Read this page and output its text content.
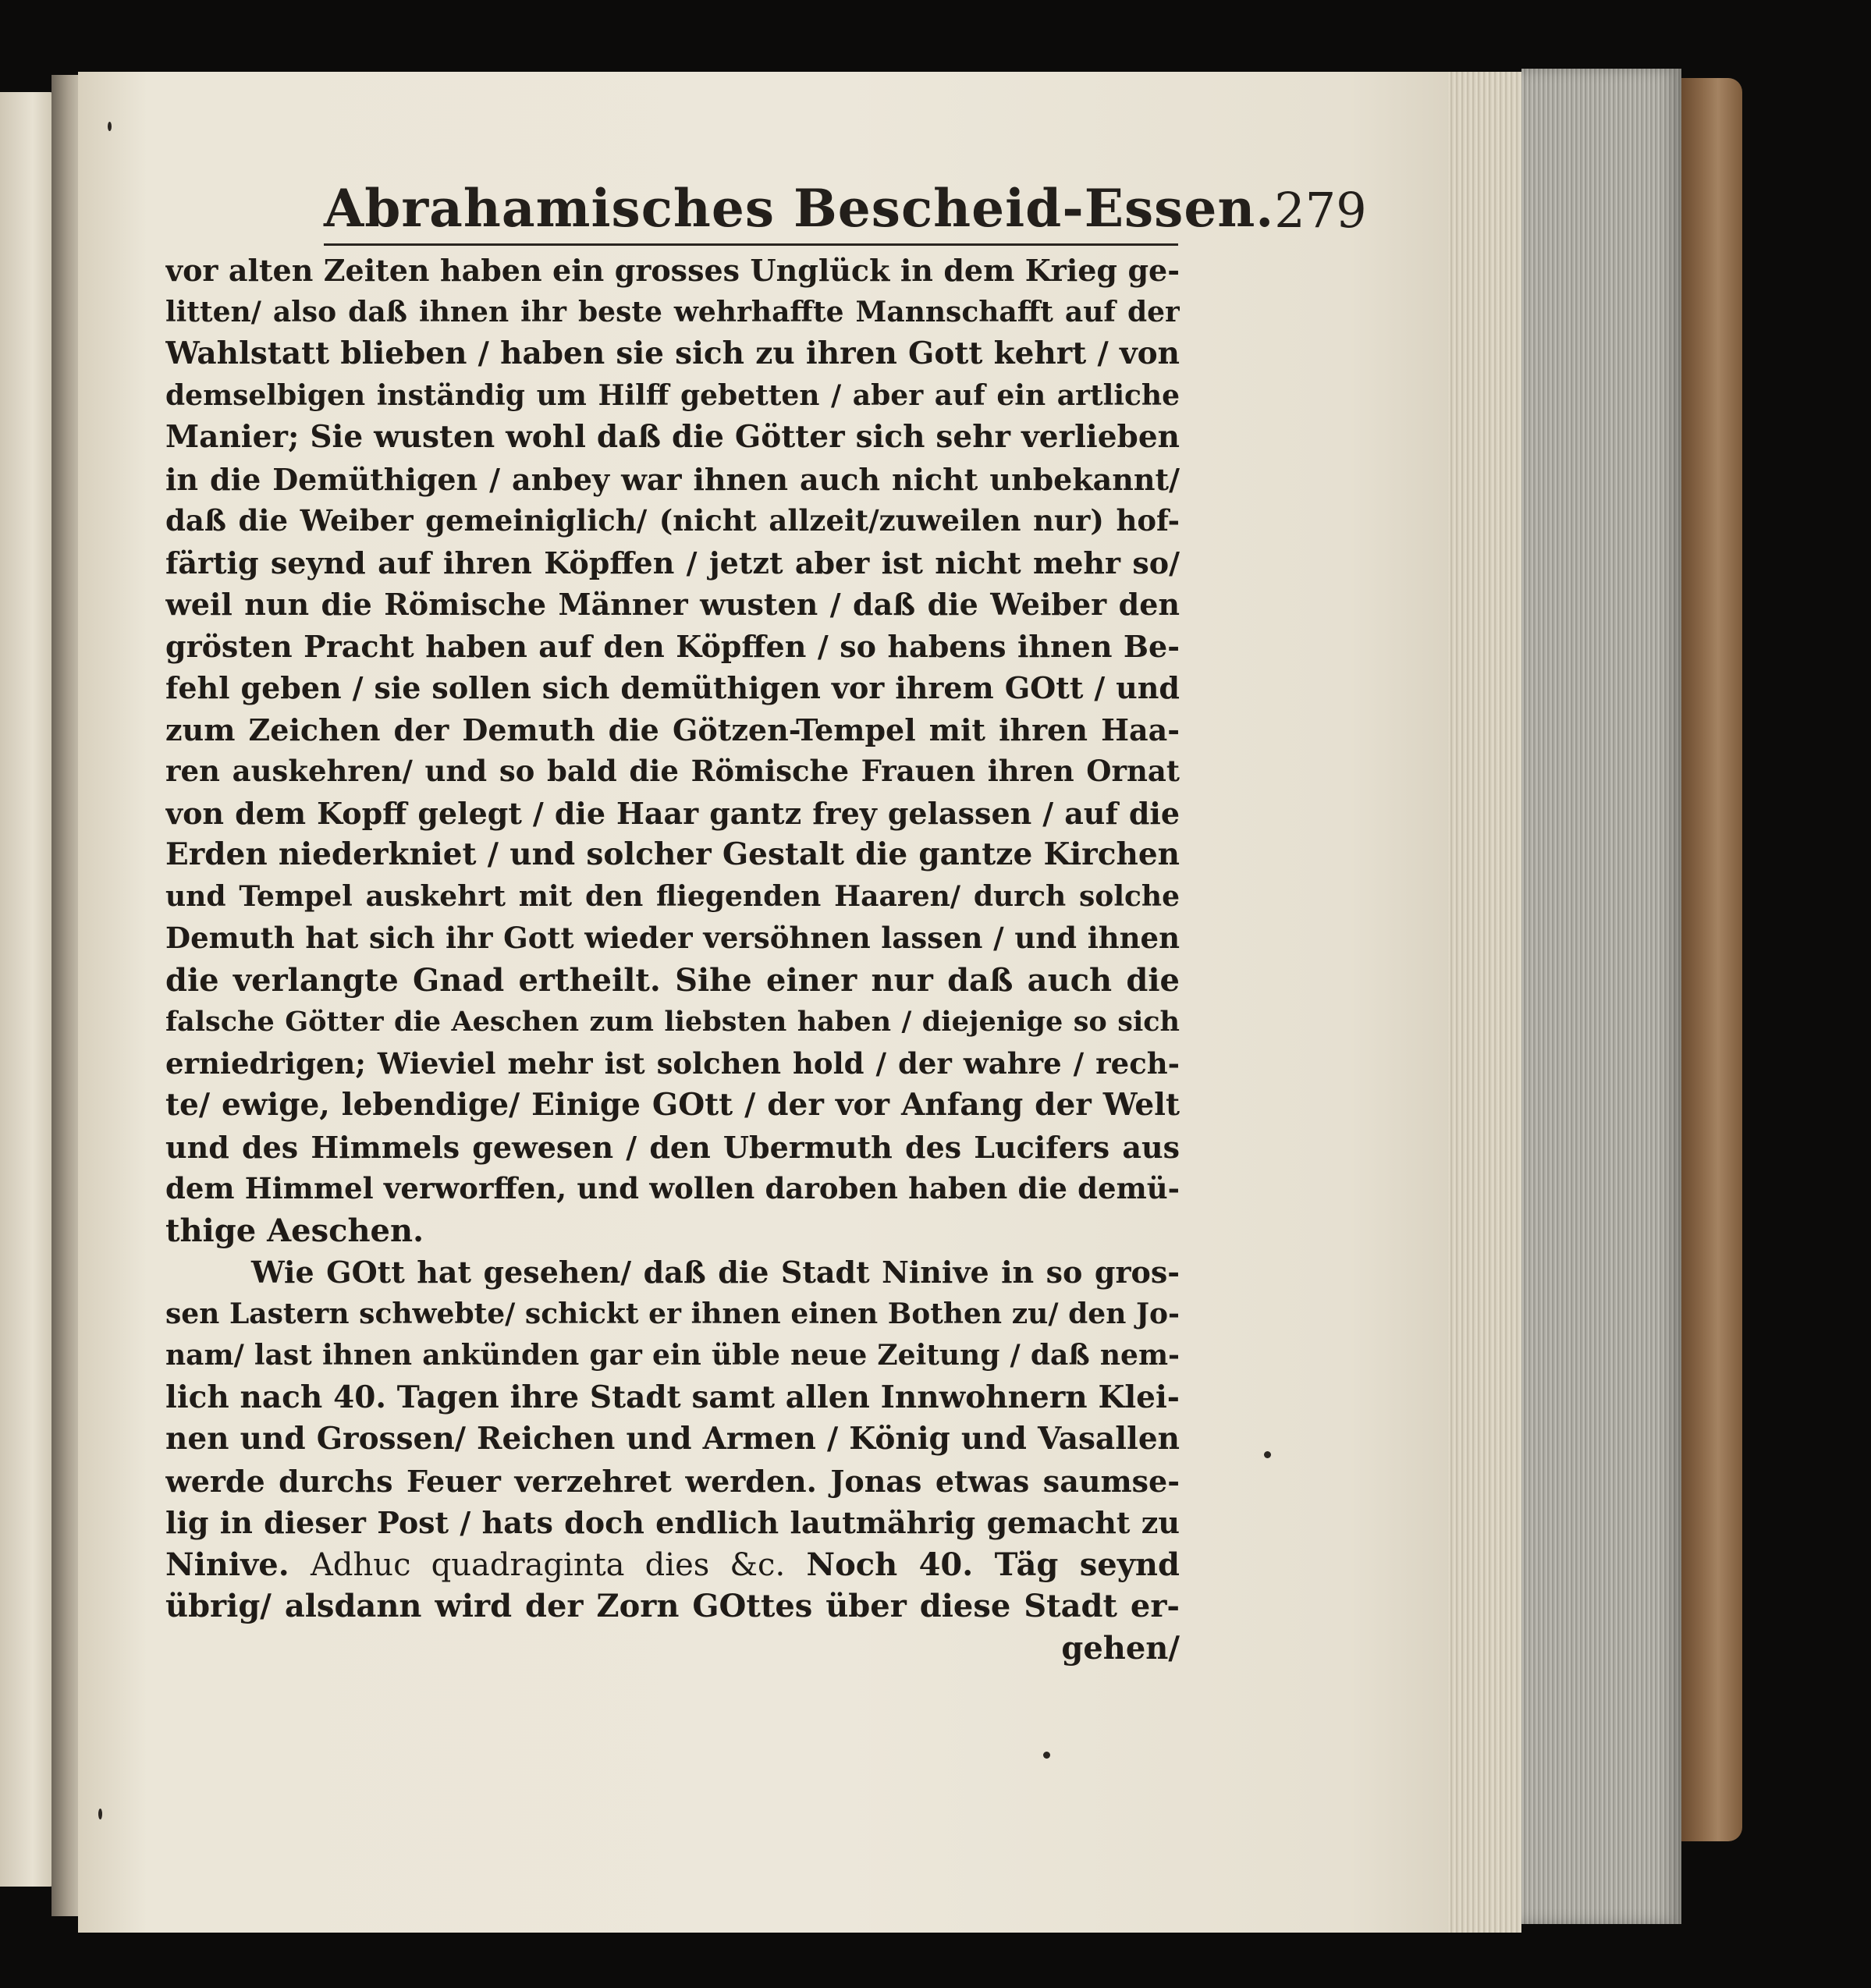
Abrahamisches Bescheid-Essen. 279
vor alten Zeiten haben ein grosses Unglück in dem Krieg ge-
litten/ also daß ihnen ihr beste wehrhaffte Mannschafft auf der
Wahlstatt blieben / haben sie sich zu ihren Gott kehrt / von
demselbigen inständig um Hilff gebetten / aber auf ein artliche
Manier; Sie wusten wohl daß die Götter sich sehr verlieben
in die Demüthigen / anbey war ihnen auch nicht unbekannt/
daß die Weiber gemeiniglich/ (nicht allzeit/zuweilen nur) hof-
färtig seynd auf ihren Köpffen / jetzt aber ist nicht mehr so/
weil nun die Römische Männer wusten / daß die Weiber den
grösten Pracht haben auf den Köpffen / so habens ihnen Be-
fehl geben / sie sollen sich demüthigen vor ihrem GOtt / und
zum Zeichen der Demuth die Götzen-Tempel mit ihren Haa-
ren auskehren/ und so bald die Römische Frauen ihren Ornat
von dem Kopff gelegt / die Haar gantz frey gelassen / auf die
Erden niederkniet / und solcher Gestalt die gantze Kirchen
und Tempel auskehrt mit den fliegenden Haaren/ durch solche
Demuth hat sich ihr Gott wieder versöhnen lassen / und ihnen
die verlangte Gnad ertheilt. Sihe einer nur daß auch die
falsche Götter die Aeschen zum liebsten haben / diejenige so sich
erniedrigen; Wieviel mehr ist solchen hold / der wahre / rech-
te/ ewige, lebendige/ Einige GOtt / der vor Anfang der Welt
und des Himmels gewesen / den Ubermuth des Lucifers aus
dem Himmel verworffen, und wollen daroben haben die demü-
thige Aeschen.
Wie GOtt hat gesehen/ daß die Stadt Ninive in so gros-
sen Lastern schwebte/ schickt er ihnen einen Bothen zu/ den Jo-
nam/ last ihnen ankünden gar ein üble neue Zeitung / daß nem-
lich nach 40. Tagen ihre Stadt samt allen Innwohnern Klei-
nen und Grossen/ Reichen und Armen / König und Vasallen
werde durchs Feuer verzehret werden. Jonas etwas saumse-
lig in dieser Post / hats doch endlich lautmährig gemacht zu
Ninive. Adhuc quadraginta dies &c. Noch 40. Täg seynd
übrig/ alsdann wird der Zorn GOttes über diese Stadt er-
gehen/
